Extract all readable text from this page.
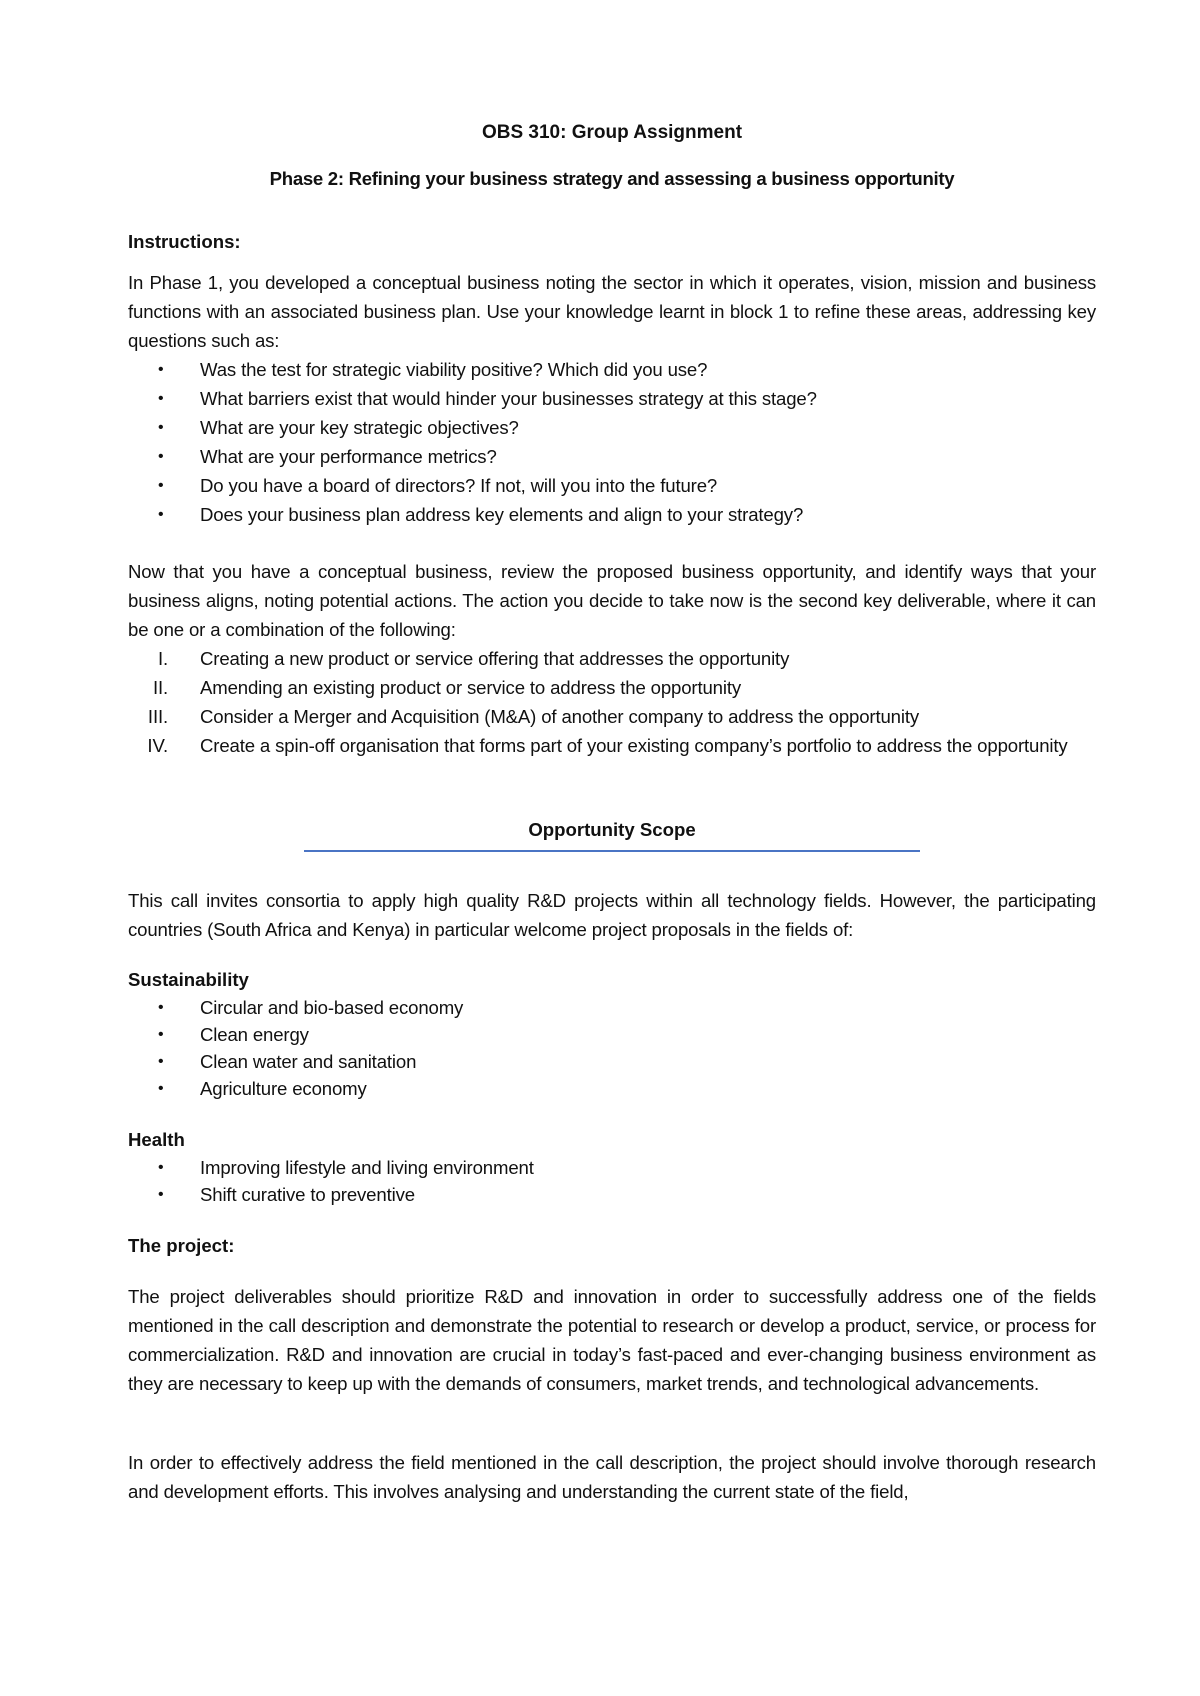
OBS 310: Group Assignment

Phase 2: Refining your business strategy and assessing a business opportunity

Instructions:

In Phase 1, you developed a conceptual business noting the sector in which it operates, vision, mission and business functions with an associated business plan. Use your knowledge learnt in block 1 to refine these areas, addressing key questions such as:

• Was the test for strategic viability positive? Which did you use?
• What barriers exist that would hinder your businesses strategy at this stage?
• What are your key strategic objectives?
• What are your performance metrics?
• Do you have a board of directors? If not, will you into the future?
• Does your business plan address key elements and align to your strategy?

Now that you have a conceptual business, review the proposed business opportunity, and identify ways that your business aligns, noting potential actions. The action you decide to take now is the second key deliverable, where it can be one or a combination of the following:

I. Creating a new product or service offering that addresses the opportunity
II. Amending an existing product or service to address the opportunity
III. Consider a Merger and Acquisition (M&A) of another company to address the opportunity
IV. Create a spin-off organisation that forms part of your existing company’s portfolio to address the opportunity

Opportunity Scope

This call invites consortia to apply high quality R&D projects within all technology fields. However, the participating countries (South Africa and Kenya) in particular welcome project proposals in the fields of:

Sustainability

• Circular and bio-based economy
• Clean energy
• Clean water and sanitation
• Agriculture economy

Health

• Improving lifestyle and living environment
• Shift curative to preventive

The project:

The project deliverables should prioritize R&D and innovation in order to successfully address one of the fields mentioned in the call description and demonstrate the potential to research or develop a product, service, or process for commercialization. R&D and innovation are crucial in today’s fast-paced and ever-changing business environment as they are necessary to keep up with the demands of consumers, market trends, and technological advancements.

In order to effectively address the field mentioned in the call description, the project should involve thorough research and development efforts. This involves analysing and understanding the current state of the field,
